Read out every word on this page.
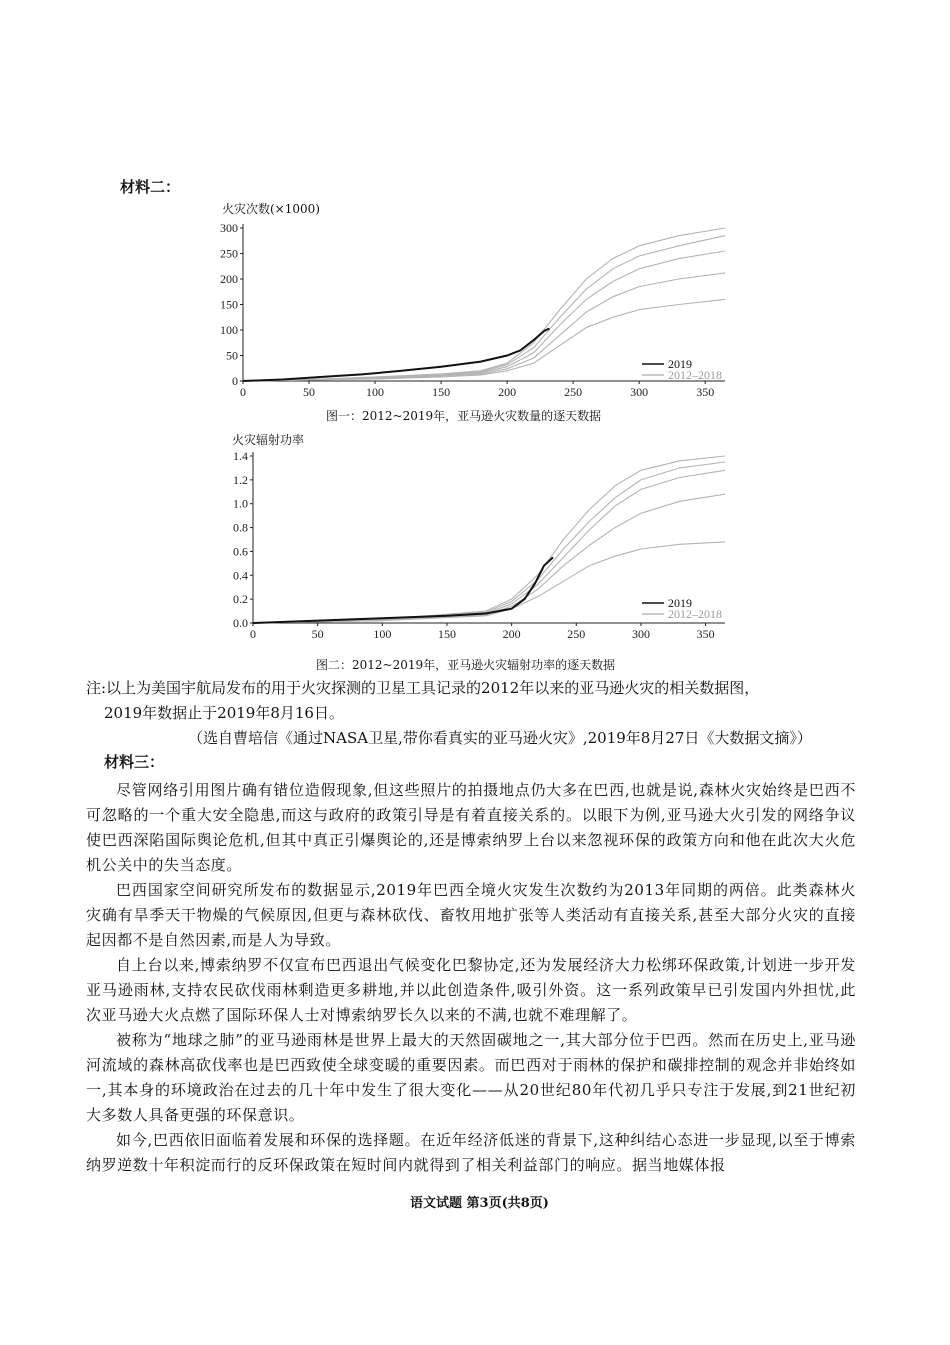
材料二：
火灾次数(×1000)
0	50	100	150	200	250	300	350
0
50
100
150
200
250
300
2019
2012–2018
图一：2012~2019年，亚马逊火灾数量的逐天数据
火灾辐射功率
0	50	100	150	200	250	300	350
0.0
0.2
0.4
0.6
0.8
1.0
1.2
1.4
2019
2012–2018
图二：2012~2019年，亚马逊火灾辐射功率的逐天数据
注:以上为美国宇航局发布的用于火灾探测的卫星工具记录的2012年以来的亚马逊火灾的相关数据图，
2019年数据止于2019年8月16日。
（选自曹培信《通过NASA卫星,带你看真实的亚马逊火灾》,2019年8月27日《大数据文摘》）
材料三：
尽管网络引用图片确有错位造假现象,但这些照片的拍摄地点仍大多在巴西,也就是说,森林火灾始终是巴西不可忽略的一个重大安全隐患,而这与政府的政策引导是有着直接关系的。以眼下为例,亚马逊大火引发的网络争议使巴西深陷国际舆论危机,但其中真正引爆舆论的,还是博索纳罗上台以来忽视环保的政策方向和他在此次大火危机公关中的失当态度。
巴西国家空间研究所发布的数据显示,2019年巴西全境火灾发生次数约为2013年同期的两倍。此类森林火灾确有旱季天干物燥的气候原因,但更与森林砍伐、畜牧用地扩张等人类活动有直接关系,甚至大部分火灾的直接起因都不是自然因素,而是人为导致。
自上台以来,博索纳罗不仅宣布巴西退出气候变化巴黎协定,还为发展经济大力松绑环保政策,计划进一步开发亚马逊雨林,支持农民砍伐雨林剩造更多耕地,并以此创造条件,吸引外资。这一系列政策早已引发国内外担忧,此次亚马逊大火点燃了国际环保人士对博索纳罗长久以来的不满,也就不难理解了。
被称为“地球之肺”的亚马逊雨林是世界上最大的天然固碳地之一,其大部分位于巴西。然而在历史上,亚马逊河流域的森林高砍伐率也是巴西致使全球变暖的重要因素。而巴西对于雨林的保护和碳排控制的观念并非始终如一,其本身的环境政治在过去的几十年中发生了很大变化——从20世纪80年代初几乎只专注于发展,到21世纪初大多数人具备更强的环保意识。
如今,巴西依旧面临着发展和环保的选择题。在近年经济低迷的背景下,这种纠结心态进一步显现,以至于博索纳罗逆数十年积淀而行的反环保政策在短时间内就得到了相关利益部门的响应。据当地媒体报
语文试题 第3页(共8页)
